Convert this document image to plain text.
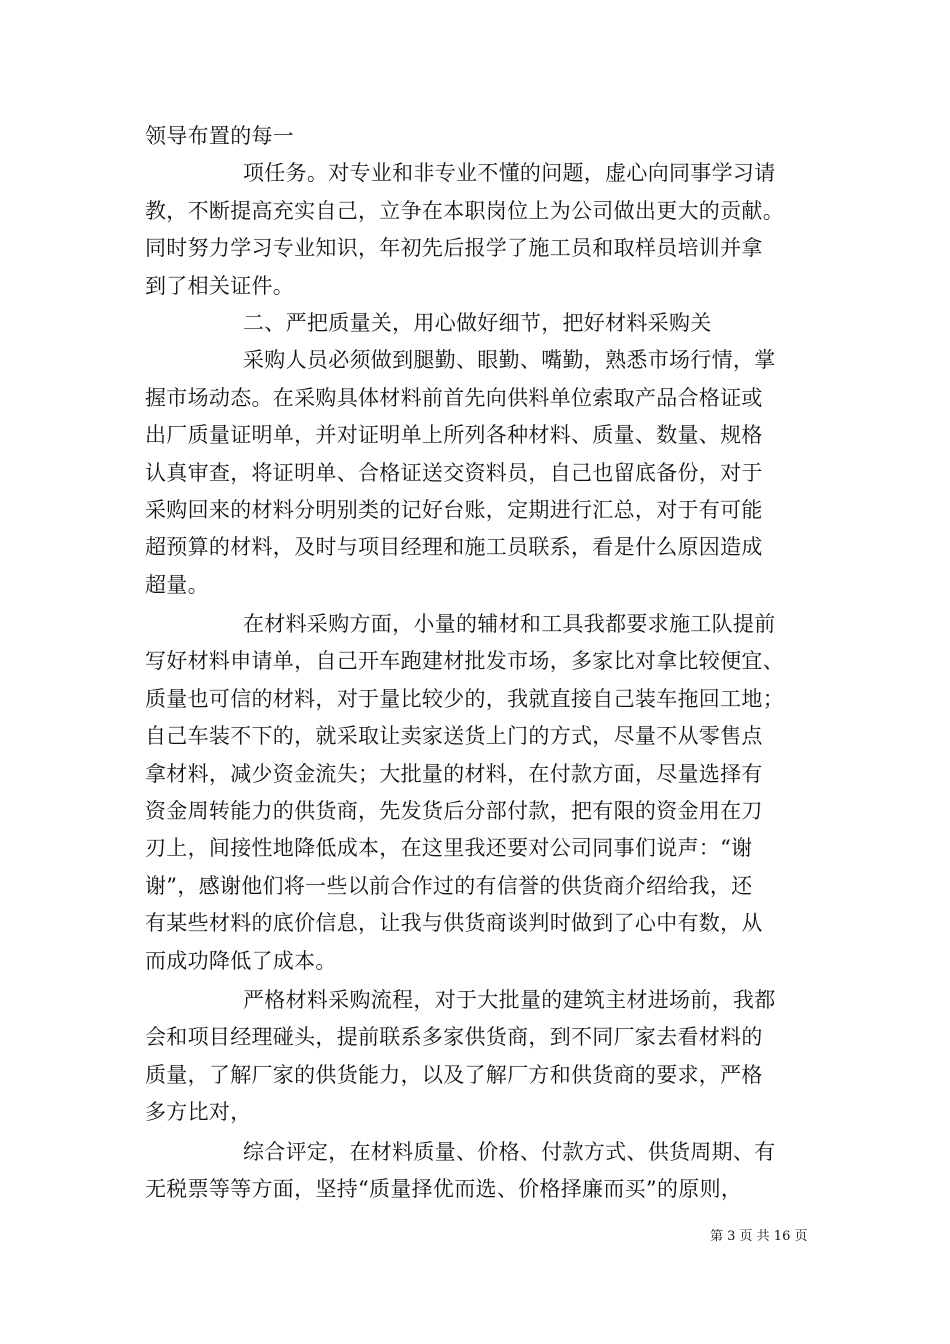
领导布置的每一
项任务。对专业和非专业不懂的问题，虚心向同事学习请
教，不断提高充实自己，立争在本职岗位上为公司做出更大的贡献。
同时努力学习专业知识，年初先后报学了施工员和取样员培训并拿
到了相关证件。
二、严把质量关，用心做好细节，把好材料采购关
采购人员必须做到腿勤、眼勤、嘴勤，熟悉市场行情，掌
握市场动态。在采购具体材料前首先向供料单位索取产品合格证或
出厂质量证明单，并对证明单上所列各种材料、质量、数量、规格
认真审查，将证明单、合格证送交资料员，自己也留底备份，对于
采购回来的材料分明别类的记好台账，定期进行汇总，对于有可能
超预算的材料，及时与项目经理和施工员联系，看是什么原因造成
超量。
在材料采购方面，小量的辅材和工具我都要求施工队提前
写好材料申请单，自己开车跑建材批发市场，多家比对拿比较便宜、
质量也可信的材料，对于量比较少的，我就直接自己装车拖回工地；
自己车装不下的，就采取让卖家送货上门的方式，尽量不从零售点
拿材料，减少资金流失；大批量的材料，在付款方面，尽量选择有
资金周转能力的供货商，先发货后分部付款，把有限的资金用在刀
刃上，间接性地降低成本，在这里我还要对公司同事们说声：“谢
谢”，感谢他们将一些以前合作过的有信誉的供货商介绍给我，还
有某些材料的底价信息，让我与供货商谈判时做到了心中有数，从
而成功降低了成本。
严格材料采购流程，对于大批量的建筑主材进场前，我都
会和项目经理碰头，提前联系多家供货商，到不同厂家去看材料的
质量，了解厂家的供货能力，以及了解厂方和供货商的要求，严格
多方比对，
综合评定，在材料质量、价格、付款方式、供货周期、有
无税票等等方面，坚持“质量择优而选、价格择廉而买”的原则，
第 3 页 共 16 页
